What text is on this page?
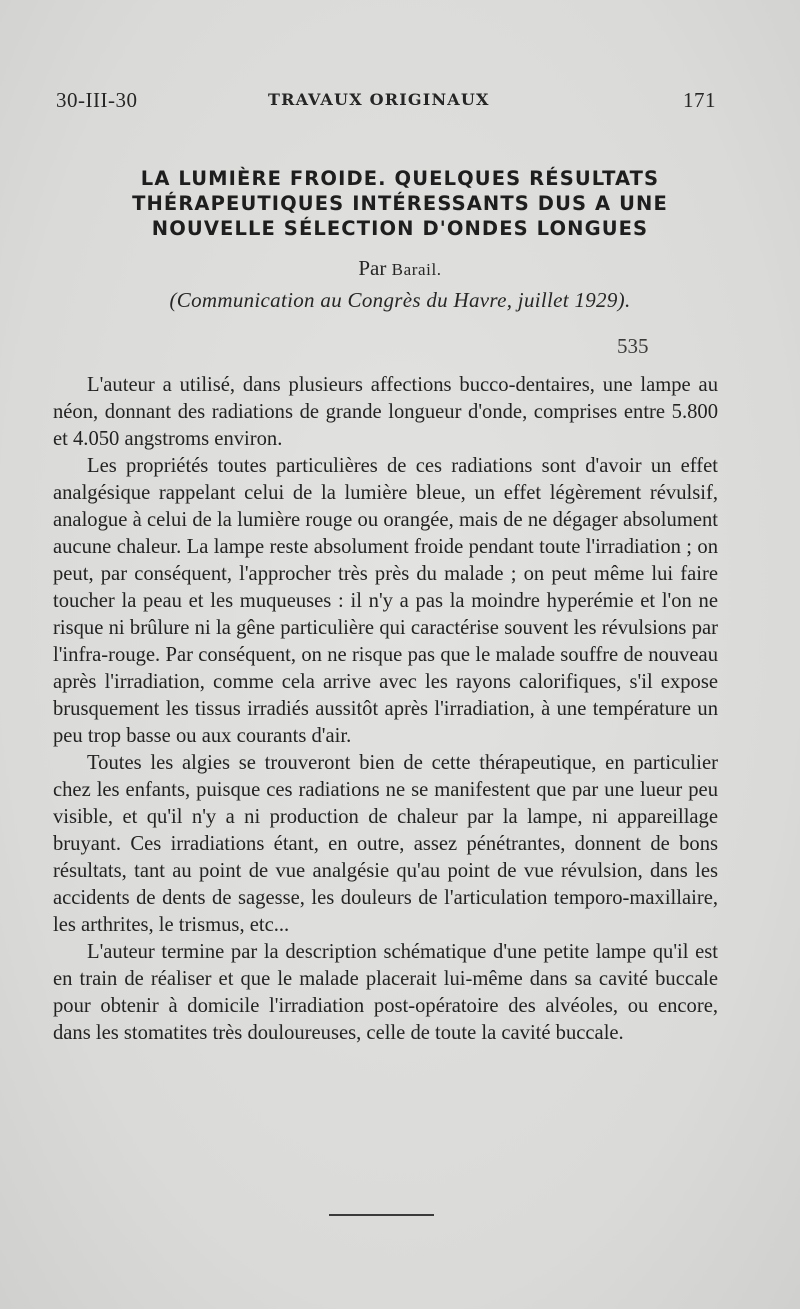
30-III-30	TRAVAUX ORIGINAUX	171
LA LUMIÈRE FROIDE. QUELQUES RÉSULTATS
THÉRAPEUTIQUES INTÉRESSANTS DUS A UNE
NOUVELLE SÉLECTION D'ONDES LONGUES
Par Barail.
(Communication au Congrès du Havre, juillet 1929).
535

L'auteur a utilisé, dans plusieurs affections bucco-dentaires, une lampe au néon, donnant des radiations de grande longueur d'onde, comprises entre 5.800 et 4.050 angstroms environ.

Les propriétés toutes particulières de ces radiations sont d'avoir un effet analgésique rappelant celui de la lumière bleue, un effet légèrement révulsif, analogue à celui de la lumière rouge ou orangée, mais de ne dégager absolument aucune chaleur. La lampe reste absolument froide pendant toute l'irradiation ; on peut, par conséquent, l'approcher très près du malade ; on peut même lui faire toucher la peau et les muqueuses : il n'y a pas la moindre hyperémie et l'on ne risque ni brûlure ni la gêne particulière qui caractérise souvent les révulsions par l'infra-rouge. Par conséquent, on ne risque pas que le malade souffre de nouveau après l'irradiation, comme cela arrive avec les rayons calorifiques, s'il expose brusquement les tissus irradiés aussitôt après l'irradiation, à une température un peu trop basse ou aux courants d'air.

Toutes les algies se trouveront bien de cette thérapeutique, en particulier chez les enfants, puisque ces radiations ne se manifestent que par une lueur peu visible, et qu'il n'y a ni production de chaleur par la lampe, ni appareillage bruyant. Ces irradiations étant, en outre, assez pénétrantes, donnent de bons résultats, tant au point de vue analgésie qu'au point de vue révulsion, dans les accidents de dents de sagesse, les douleurs de l'articulation temporo-maxillaire, les arthrites, le trismus, etc...

L'auteur termine par la description schématique d'une petite lampe qu'il est en train de réaliser et que le malade placerait lui-même dans sa cavité buccale pour obtenir à domicile l'irradiation post-opératoire des alvéoles, ou encore, dans les stomatites très douloureuses, celle de toute la cavité buccale.
